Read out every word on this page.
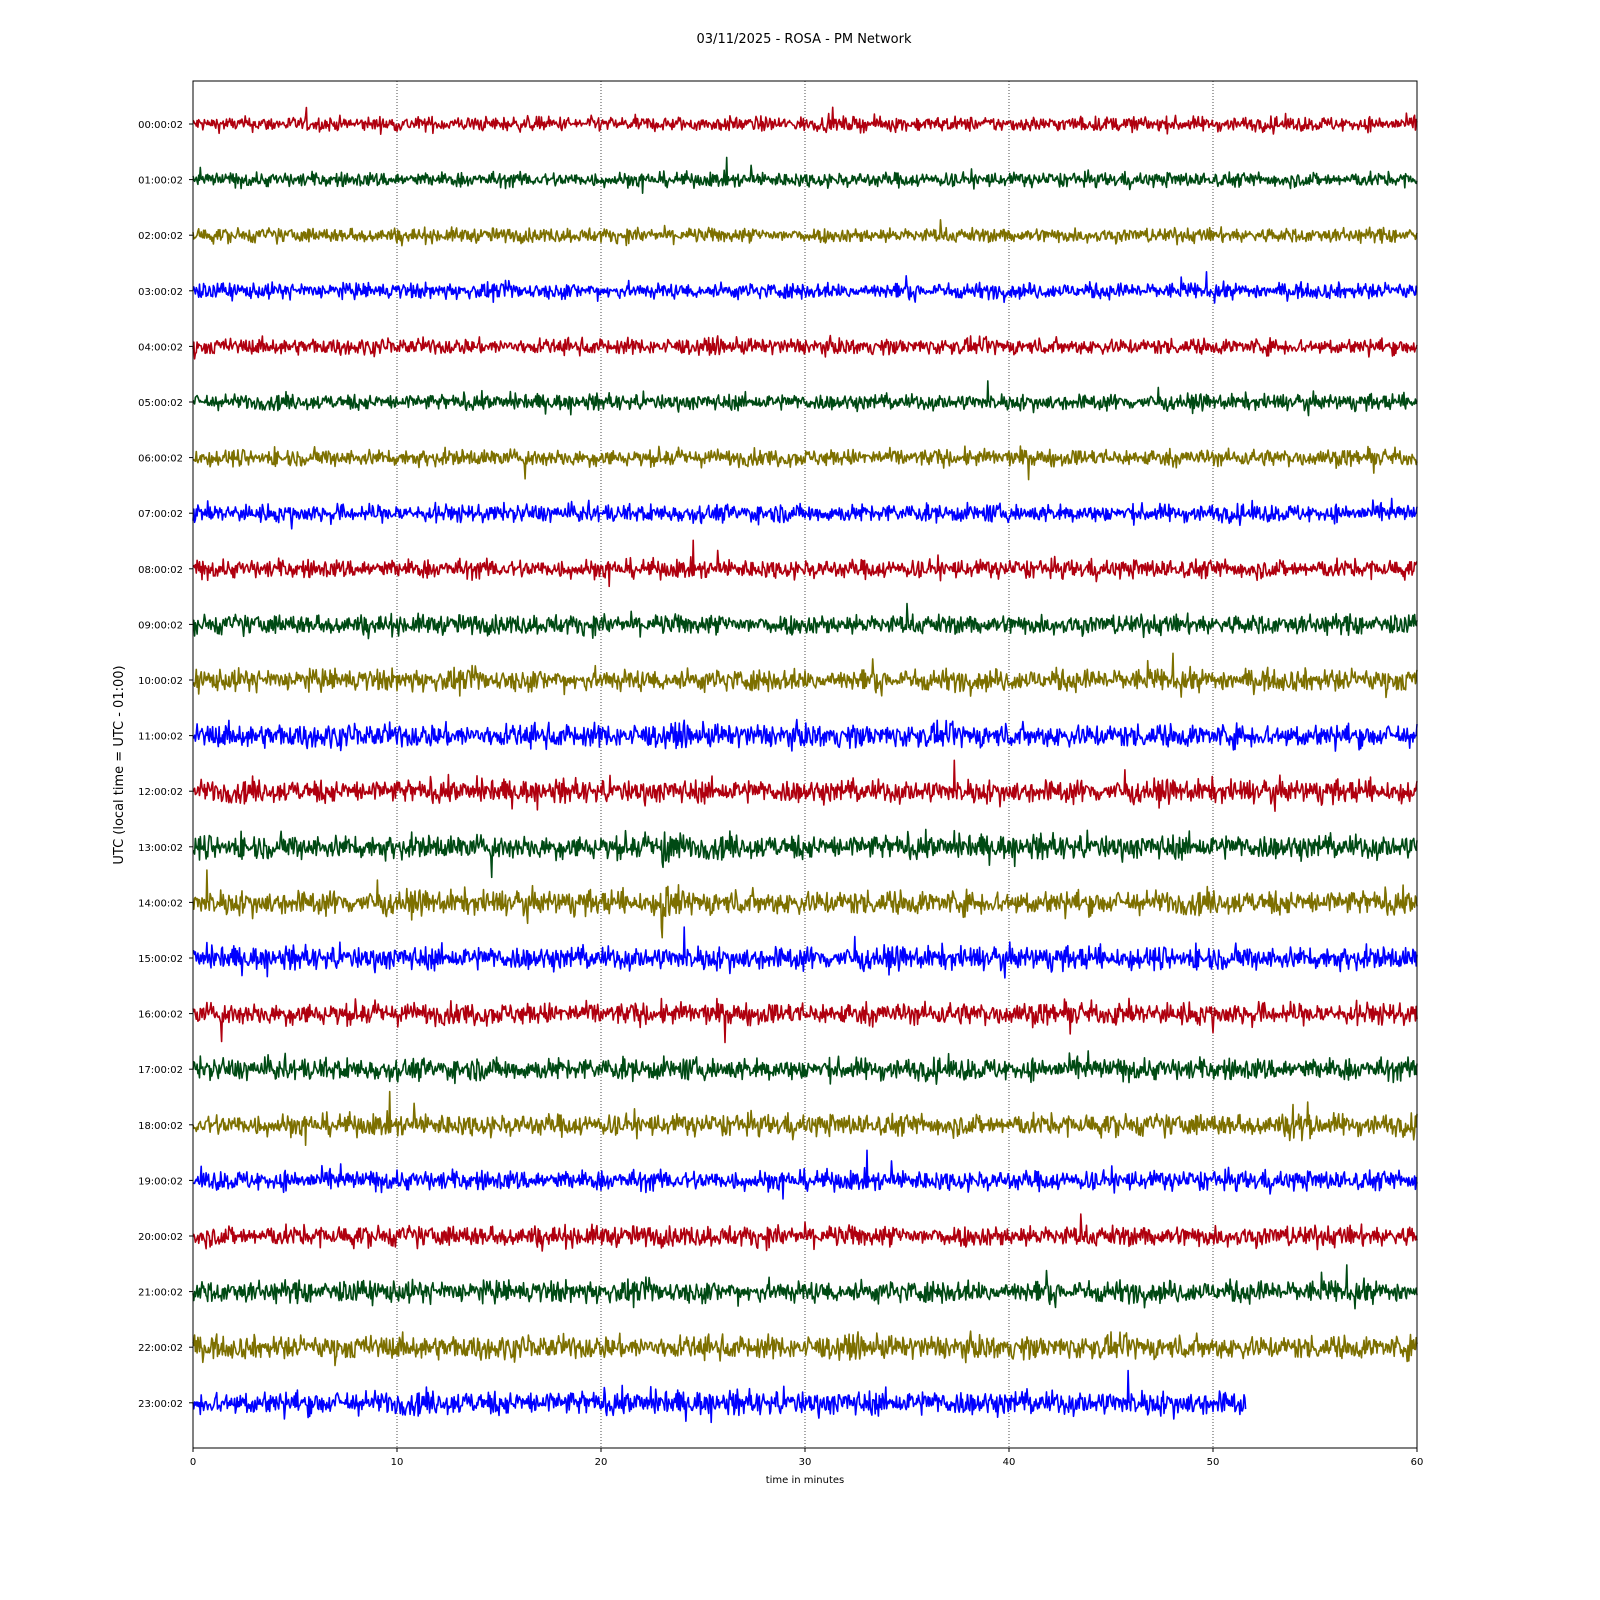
03/11/2025 - ROSA - PM Network
00:00:02
01:00:02
02:00:02
03:00:02
04:00:02
05:00:02
06:00:02
07:00:02
08:00:02
09:00:02
10:00:02
11:00:02
12:00:02
13:00:02
14:00:02
15:00:02
16:00:02
17:00:02
18:00:02
19:00:02
20:00:02
21:00:02
22:00:02
23:00:02
0	10	20	30	40	50	60
time in minutes
UTC (local time = UTC - 01:00)
